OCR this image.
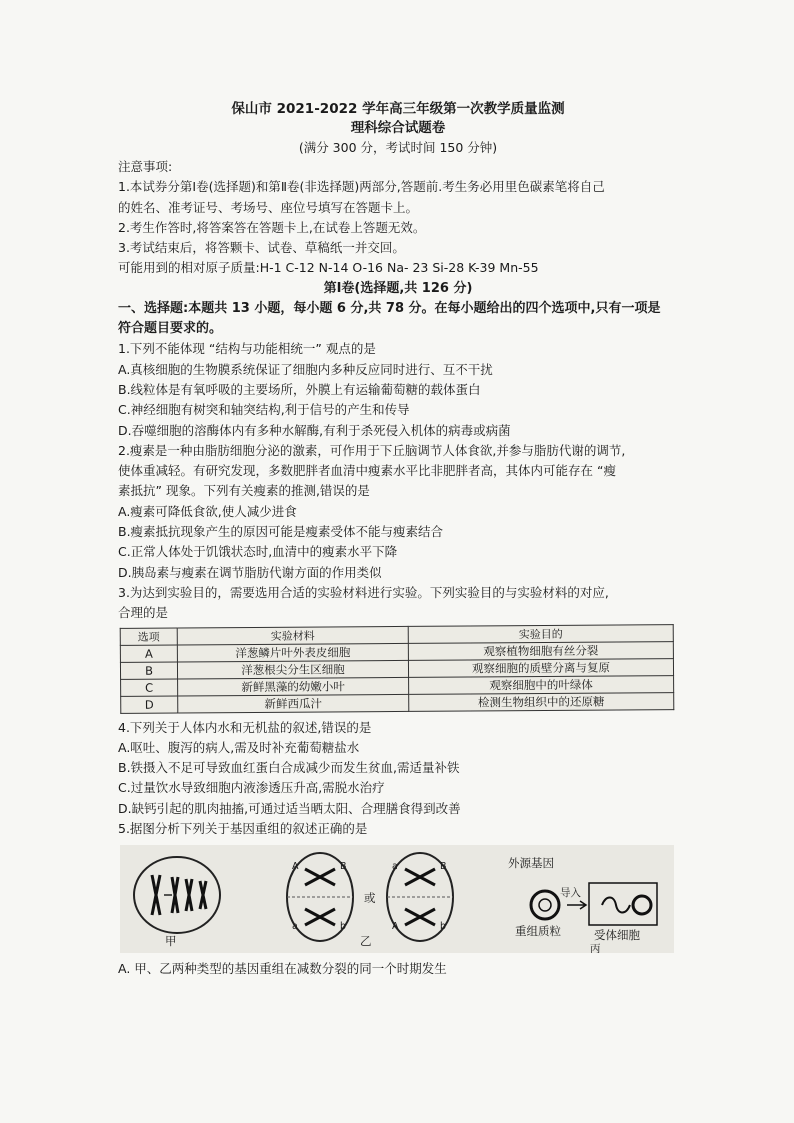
保山市 2021-2022 学年高三年级第一次教学质量监测
理科综合试题卷
(满分 300 分，考试时间 150 分钟)
注意事项:
1.本试券分第Ⅰ卷(选择题)和第Ⅱ卷(非选择题)两部分,答题前.考生务必用里色碳素笔将自己
的姓名、准考证号、考场号、座位号填写在答题卡上。
2.考生作答时,将答案答在答题卡上,在试卷上答题无效。
3.考试结束后，将答颗卡、试卷、草稿纸一并交回。
可能用到的相对原子质量:H-1 C-12 N-14 O-16 Na- 23 Si-28 K-39 Mn-55
第Ⅰ卷(选择题,共 126 分)
一、选择题:本题共 13 小题，每小题 6 分,共 78 分。在每小题给出的四个选项中,只有一项是
符合题目要求的。
1.下列不能体现 “结构与功能相统一” 观点的是
A.真核细胞的生物膜系统保证了细胞内多种反应同时进行、互不干扰
B.线粒体是有氧呼吸的主要场所，外膜上有运输葡萄糖的载体蛋白
C.神经细胞有树突和轴突结构,利于信号的产生和传导
D.吞噬细胞的溶酶体内有多种水解酶,有利于杀死侵入机体的病毒或病菌
2.瘦素是一种由脂肪细胞分泌的激素，可作用于下丘脑调节人体食欲,并参与脂肪代谢的调节,
使体重减轻。有研究发现，多数肥胖者血清中瘦素水平比非肥胖者高，其体内可能存在 “瘦
素抵抗” 现象。下列有关瘦素的推测,错误的是
A.瘦素可降低食欲,使人减少进食
B.瘦素抵抗现象产生的原因可能是瘦素受体不能与瘦素结合
C.正常人体处于饥饿状态时,血清中的瘦素水平下降
D.胰岛素与瘦素在调节脂肪代谢方面的作用类似
3.为达到实验目的，需要选用合适的实验材料进行实验。下列实验目的与实验材料的对应,
合理的是
选项	实验材料	实验目的
A	洋葱鳞片叶外表皮细胞	观察植物细胞有丝分裂
B	洋葱根尖分生区细胞	观察细胞的质壁分离与复原
C	新鲜黑藻的幼嫩小叶	观察细胞中的叶绿体
D	新鲜西瓜汁	检测生物组织中的还原糖
4.下列关于人体内水和无机盐的叙述,错误的是
A.呕吐、腹泻的病人,需及时补充葡萄糖盐水
B.铁摄入不足可导致血红蛋白合成减少而发生贫血,需适量补铁
C.过量饮水导致细胞内液渗透压升高,需脱水治疗
D.缺钙引起的肌肉抽搐,可通过适当晒太阳、合理膳食得到改善
5.据图分析下列关于基因重组的叙述正确的是
甲	乙
或
A	B
a	b
a	B
A	b
外源基因
导入
重组质粒	受体细胞
丙
A. 甲、乙两种类型的基因重组在减数分裂的同一个时期发生
